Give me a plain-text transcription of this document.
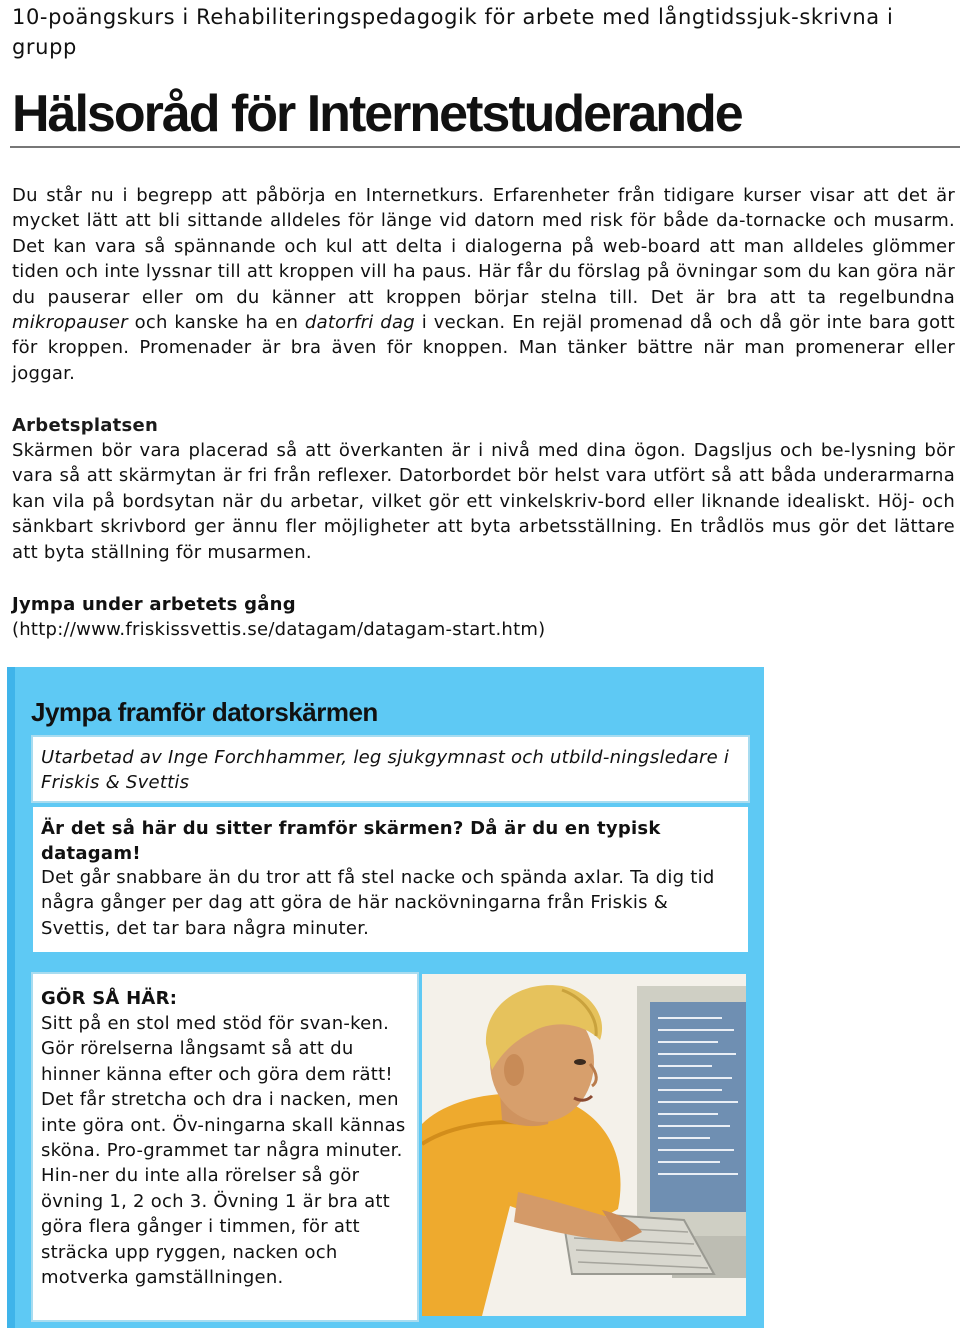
10-poängskurs i Rehabiliteringspedagogik för arbete med långtidssjuk-skrivna i grupp
Hälsoråd för Internetstuderande

Du står nu i begrepp att påbörja en Internetkurs. Erfarenheter från tidigare kurser visar att det är mycket lätt att bli sittande alldeles för länge vid datorn med risk för både da-tornacke och musarm. Det kan vara så spännande och kul att delta i dialogerna på web-board att man alldeles glömmer tiden och inte lyssnar till att kroppen vill ha paus. Här får du förslag på övningar som du kan göra när du pauserar eller om du känner att kroppen börjar stelna till. Det är bra att ta regelbundna mikropauser och kanske ha en datorfri dag i veckan. En rejäl promenad då och då gör inte bara gott för kroppen. Promenader är bra även för knoppen. Man tänker bättre när man promenerar eller joggar.

Arbetsplatsen

Skärmen bör vara placerad så att överkanten är i nivå med dina ögon. Dagsljus och be-lysning bör vara så att skärmytan är fri från reflexer. Datorbordet bör helst vara utfört så att båda underarmarna kan vila på bordsytan när du arbetar, vilket gör ett vinkelskriv-bord eller liknande idealiskt. Höj- och sänkbart skrivbord ger ännu fler möjligheter att byta arbetsställning. En trådlös mus gör det lättare att byta ställning för musarmen.

Jympa under arbetets gång

(http://www.friskissvettis.se/datagam/datagam-start.htm)

Jympa framför datorskärmen

Utarbetad av Inge Forchhammer, leg sjukgymnast och utbild-ningsledare i Friskis & Svettis

Är det så här du sitter framför skärmen? Då är du en typisk datagam!

Det går snabbare än du tror att få stel nacke och spända axlar. Ta dig tid några gånger per dag att göra de här nackövningarna från Friskis & Svettis, det tar bara några minuter.

GÖR SÅ HÄR:

Sitt på en stol med stöd för svan-ken. Gör rörelserna långsamt så att du hinner känna efter och göra dem rätt! Det får stretcha och dra i nacken, men inte göra ont. Öv-ningarna skall kännas sköna. Pro-grammet tar några minuter. Hin-ner du inte alla rörelser så gör övning 1, 2 och 3. Övning 1 är bra att göra flera gånger i timmen, för att sträcka upp ryggen, nacken och motverka gamställningen.
